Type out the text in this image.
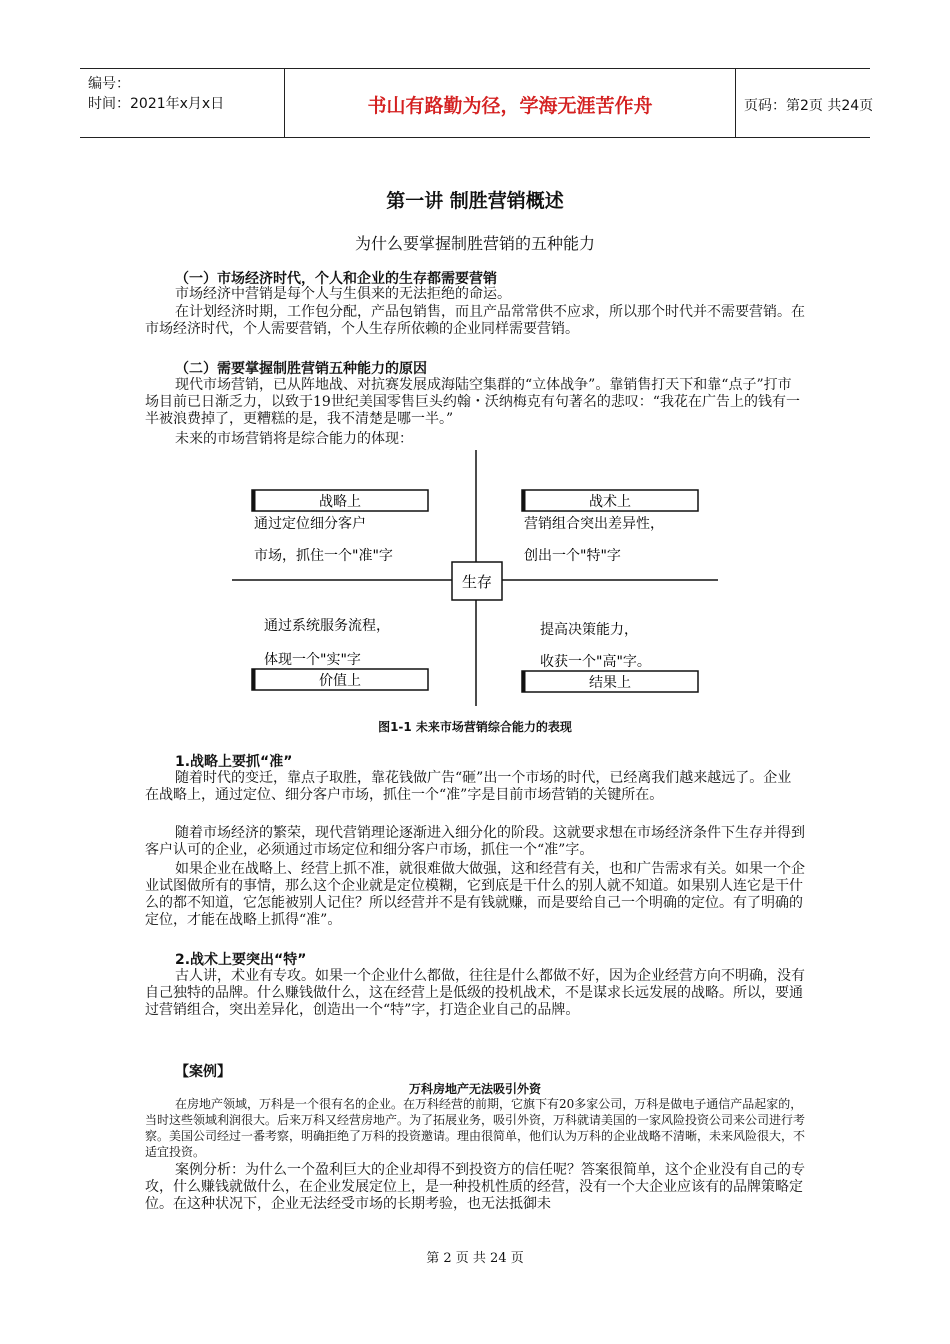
编号：
时间：2021年x月x日	书山有路勤为径，学海无涯苦作舟	页码：第2页 共24页
第一讲 制胜营销概述
为什么要掌握制胜营销的五种能力
（一）市场经济时代，个人和企业的生存都需要营销

市场经济中营销是每个人与生俱来的无法拒绝的命运。

在计划经济时期，工作包分配，产品包销售，而且产品常常供不应求，所以那个时代并不需要营销。在市场经济时代，个人需要营销，个人生存所依赖的企业同样需要营销。

（二）需要掌握制胜营销五种能力的原因

现代市场营销，已从阵地战、对抗赛发展成海陆空集群的“立体战争”。靠销售打天下和靠“点子”打市场目前已日渐乏力，以致于19世纪美国零售巨头约翰・沃纳梅克有句著名的悲叹：“我花在广告上的钱有一半被浪费掉了，更糟糕的是，我不清楚是哪一半。”

未来的市场营销将是综合能力的体现：

生存
战略上
通过定位细分客户
市场，抓住一个"准"字
战术上
营销组合突出差异性，
创出一个"特"字
通过系统服务流程，
体现一个"实"字
价值上
提高决策能力，
收获一个"高"字。
结果上
图1-1 未来市场营销综合能力的表现
1.战略上要抓“准”

随着时代的变迁，靠点子取胜，靠花钱做广告“砸”出一个市场的时代，已经离我们越来越远了。企业在战略上，通过定位、细分客户市场，抓住一个“准”字是目前市场营销的关键所在。

随着市场经济的繁荣，现代营销理论逐渐进入细分化的阶段。这就要求想在市场经济条件下生存并得到客户认可的企业，必须通过市场定位和细分客户市场，抓住一个“准”字。

如果企业在战略上、经营上抓不准，就很难做大做强，这和经营有关，也和广告需求有关。如果一个企业试图做所有的事情，那么这个企业就是定位模糊，它到底是干什么的别人就不知道。如果别人连它是干什么的都不知道，它怎能被别人记住？所以经营并不是有钱就赚，而是要给自己一个明确的定位。有了明确的定位，才能在战略上抓得“准”。

2.战术上要突出“特”

古人讲，术业有专攻。如果一个企业什么都做，往往是什么都做不好，因为企业经营方向不明确，没有自己独特的品牌。什么赚钱做什么，这在经营上是低级的投机战术，不是谋求长远发展的战略。所以，要通过营销组合，突出差异化，创造出一个“特”字，打造企业自己的品牌。

【案例】
万科房地产无法吸引外资

在房地产领域，万科是一个很有名的企业。在万科经营的前期，它旗下有20多家公司，万科是做电子通信产品起家的，当时这些领域利润很大。后来万科又经营房地产。为了拓展业务，吸引外资，万科就请美国的一家风险投资公司来公司进行考察。美国公司经过一番考察，明确拒绝了万科的投资邀请。理由很简单，他们认为万科的企业战略不清晰，未来风险很大，不适宜投资。

案例分析：为什么一个盈利巨大的企业却得不到投资方的信任呢？答案很简单，这个企业没有自己的专攻，什么赚钱就做什么，在企业发展定位上，是一种投机性质的经营，没有一个大企业应该有的品牌策略定位。在这种状况下，企业无法经受市场的长期考验，也无法抵御未

第 2 页 共 24 页
